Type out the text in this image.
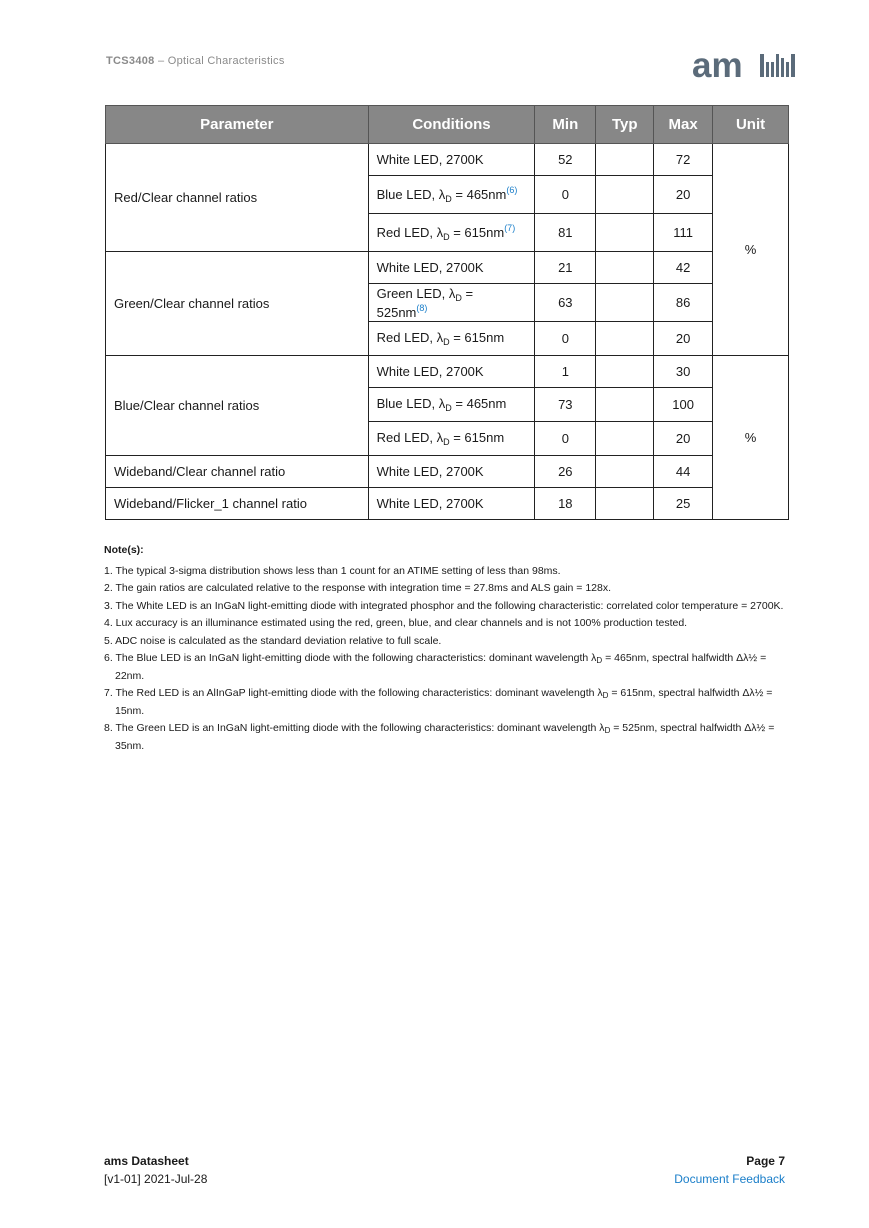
TCS3408 – Optical Characteristics	am
Parameter	Conditions	Min	Typ	Max	Unit
Red/Clear channel ratios	White LED, 2700K	52		72	%
	Blue LED, $\lambda_D = 465nm^{(6)}$	0		20	
	Red LED, $\lambda_D = 615nm^{(7)}$	81		111	
Green/Clear channel ratios	White LED, 2700K	21		42	
	Green LED, $\lambda_D = 525nm^{(8)}$	63		86	
	Red LED, $\lambda_D = 615nm$	0		20	
Blue/Clear channel ratios	White LED, 2700K	1		30	%
	Blue LED, $\lambda_D = 465nm$	73		100	
	Red LED, $\lambda_D = 615nm$	0		20	
Wideband/Clear channel ratio	White LED, 2700K	26		44	
Wideband/Flicker_1 channel ratio	White LED, 2700K	18		25	
Note(s):
1. The typical 3-sigma distribution shows less than 1 count for an ATIME setting of less than 98ms.
2. The gain ratios are calculated relative to the response with integration time = 27.8ms and ALS gain = 128x.
3. The White LED is an InGaN light-emitting diode with integrated phosphor and the following characteristic: correlated color temperature = 2700K.
4. Lux accuracy is an illuminance estimated using the red, green, blue, and clear channels and is not 100% production tested.
5. ADC noise is calculated as the standard deviation relative to full scale.
6. The Blue LED is an InGaN light-emitting diode with the following characteristics: dominant wavelength $\lambda_D = 465nm$, spectral halfwidth Δλ½ = 22nm.
7. The Red LED is an AlInGaP light-emitting diode with the following characteristics: dominant wavelength $\lambda_D = 615nm$, spectral halfwidth Δλ½ = 15nm.
8. The Green LED is an InGaN light-emitting diode with the following characteristics: dominant wavelength $\lambda_D = 525nm$, spectral halfwidth Δλ½ = 35nm.
ams Datasheet
[v1-01] 2021-Jul-28
Page 7
Document Feedback
